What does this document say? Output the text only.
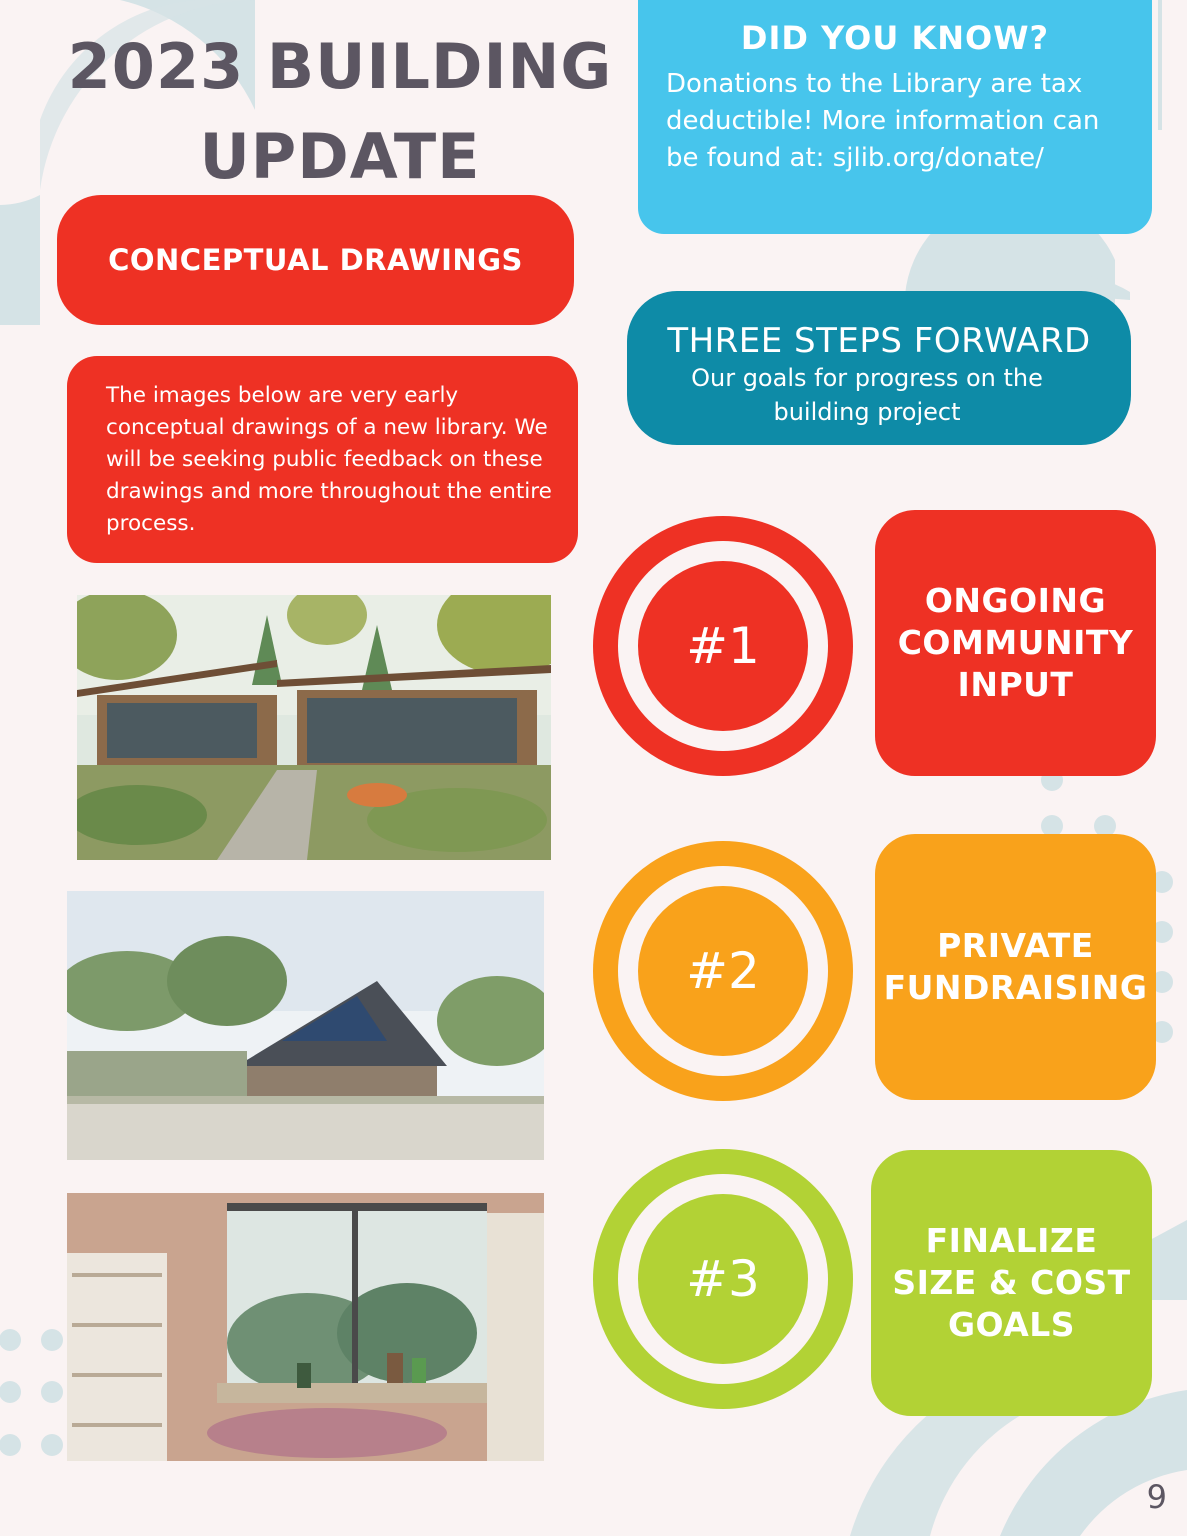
2023 BUILDING
UPDATE
DID YOU KNOW?
Donations to the Library are tax deductible! More information can be found at: sjlib.org/donate/
CONCEPTUAL DRAWINGS
The images below are very early conceptual drawings of a new library. We will be seeking public feedback on these drawings and more throughout the entire process.
THREE STEPS FORWARD
Our goals for progress on the building project
#1
ONGOING
COMMUNITY
INPUT
#2	PRIVATE
FUNDRAISING
#3
FINALIZE
SIZE & COST
GOALS
9
